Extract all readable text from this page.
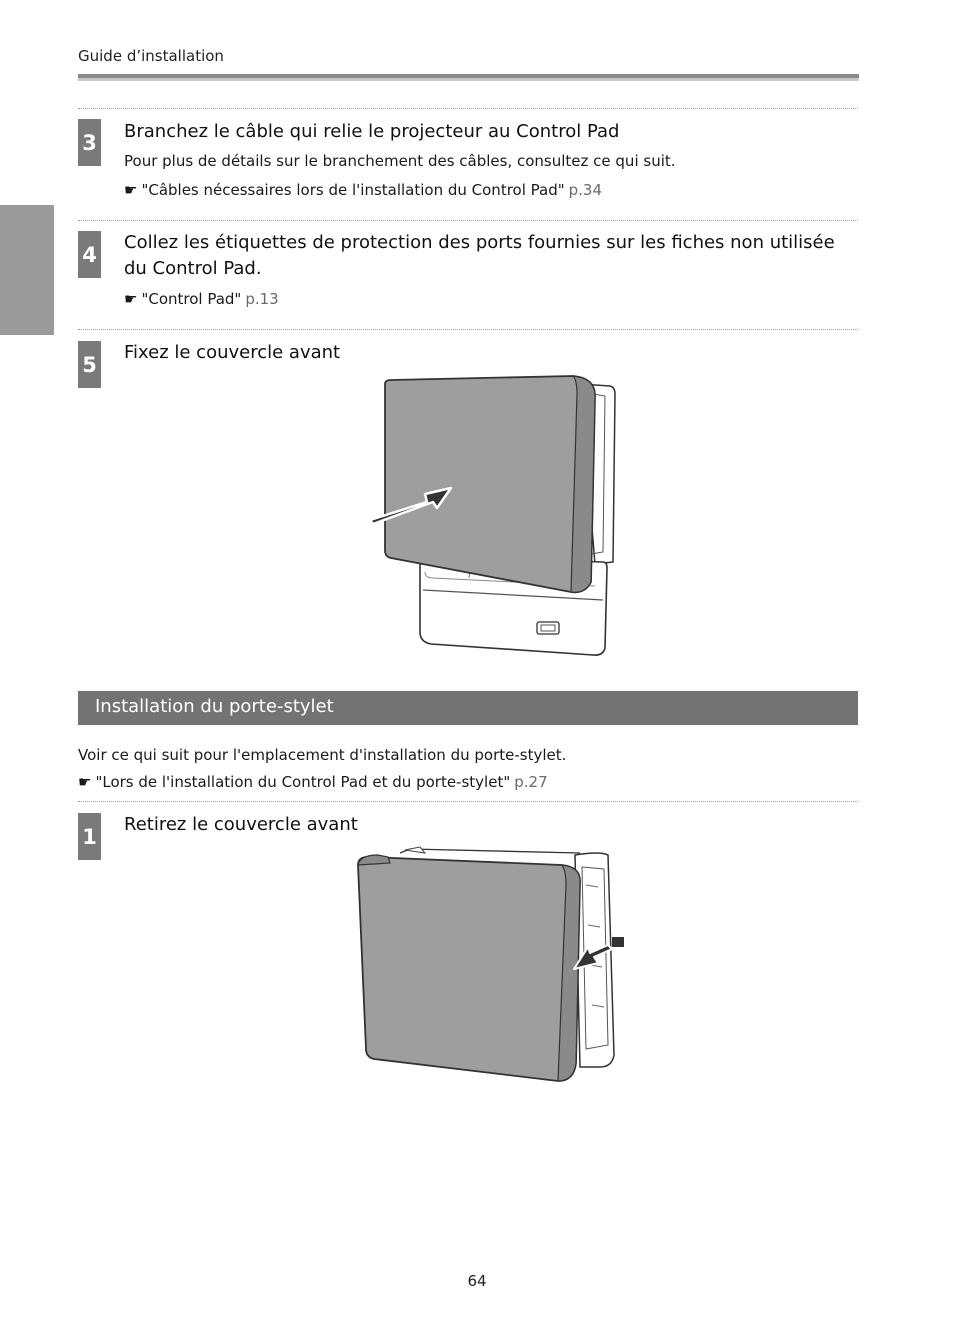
Guide d’installation
3 Branchez le câble qui relie le projecteur au Control Pad
Pour plus de détails sur le branchement des câbles, consultez ce qui suit.
☛ "Câbles nécessaires lors de l'installation du Control Pad" p.34
4 Collez les étiquettes de protection des ports fournies sur les fiches non utilisée du Control Pad.
☛ "Control Pad" p.13
5 Fixez le couvercle avant
Installation du porte-stylet
Voir ce qui suit pour l'emplacement d'installation du porte-stylet.
☛ "Lors de l'installation du Control Pad et du porte-stylet" p.27
1 Retirez le couvercle avant
64
